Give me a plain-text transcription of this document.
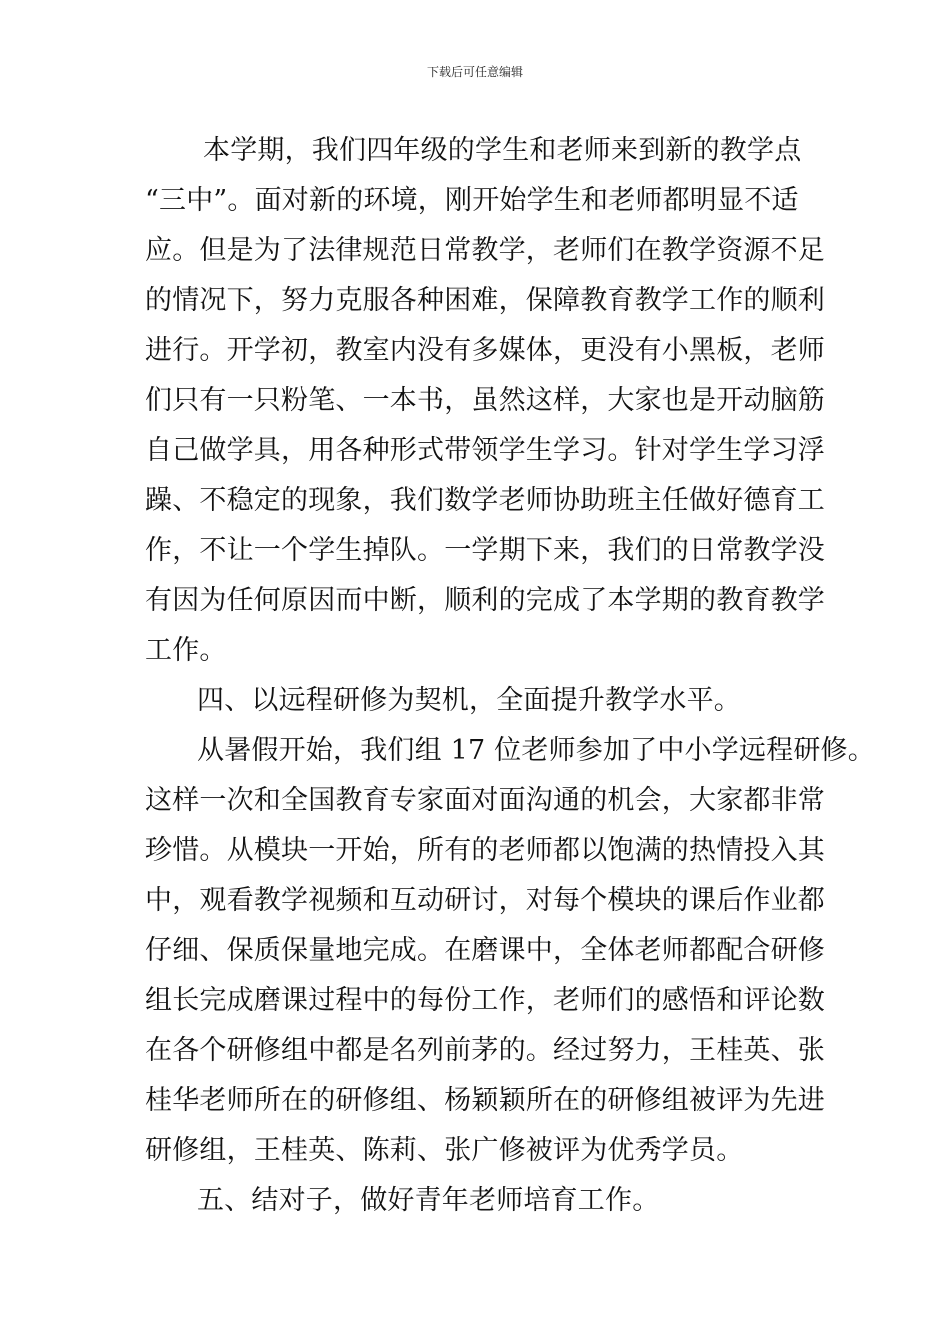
下载后可任意编辑
本学期，我们四年级的学生和老师来到新的教学点
“三中”。面对新的环境，刚开始学生和老师都明显不适
应。但是为了法律规范日常教学，老师们在教学资源不足
的情况下，努力克服各种困难，保障教育教学工作的顺利
进行。开学初，教室内没有多媒体，更没有小黑板，老师
们只有一只粉笔、一本书，虽然这样，大家也是开动脑筋
自己做学具，用各种形式带领学生学习。针对学生学习浮
躁、不稳定的现象，我们数学老师协助班主任做好德育工
作，不让一个学生掉队。一学期下来，我们的日常教学没
有因为任何原因而中断，顺利的完成了本学期的教育教学
工作。
四、以远程研修为契机，全面提升教学水平。
从暑假开始，我们组 17 位老师参加了中小学远程研修。
这样一次和全国教育专家面对面沟通的机会，大家都非常
珍惜。从模块一开始，所有的老师都以饱满的热情投入其
中，观看教学视频和互动研讨，对每个模块的课后作业都
仔细、保质保量地完成。在磨课中，全体老师都配合研修
组长完成磨课过程中的每份工作，老师们的感悟和评论数
在各个研修组中都是名列前茅的。经过努力，王桂英、张
桂华老师所在的研修组、杨颖颖所在的研修组被评为先进
研修组，王桂英、陈莉、张广修被评为优秀学员。
五、结对子，做好青年老师培育工作。
